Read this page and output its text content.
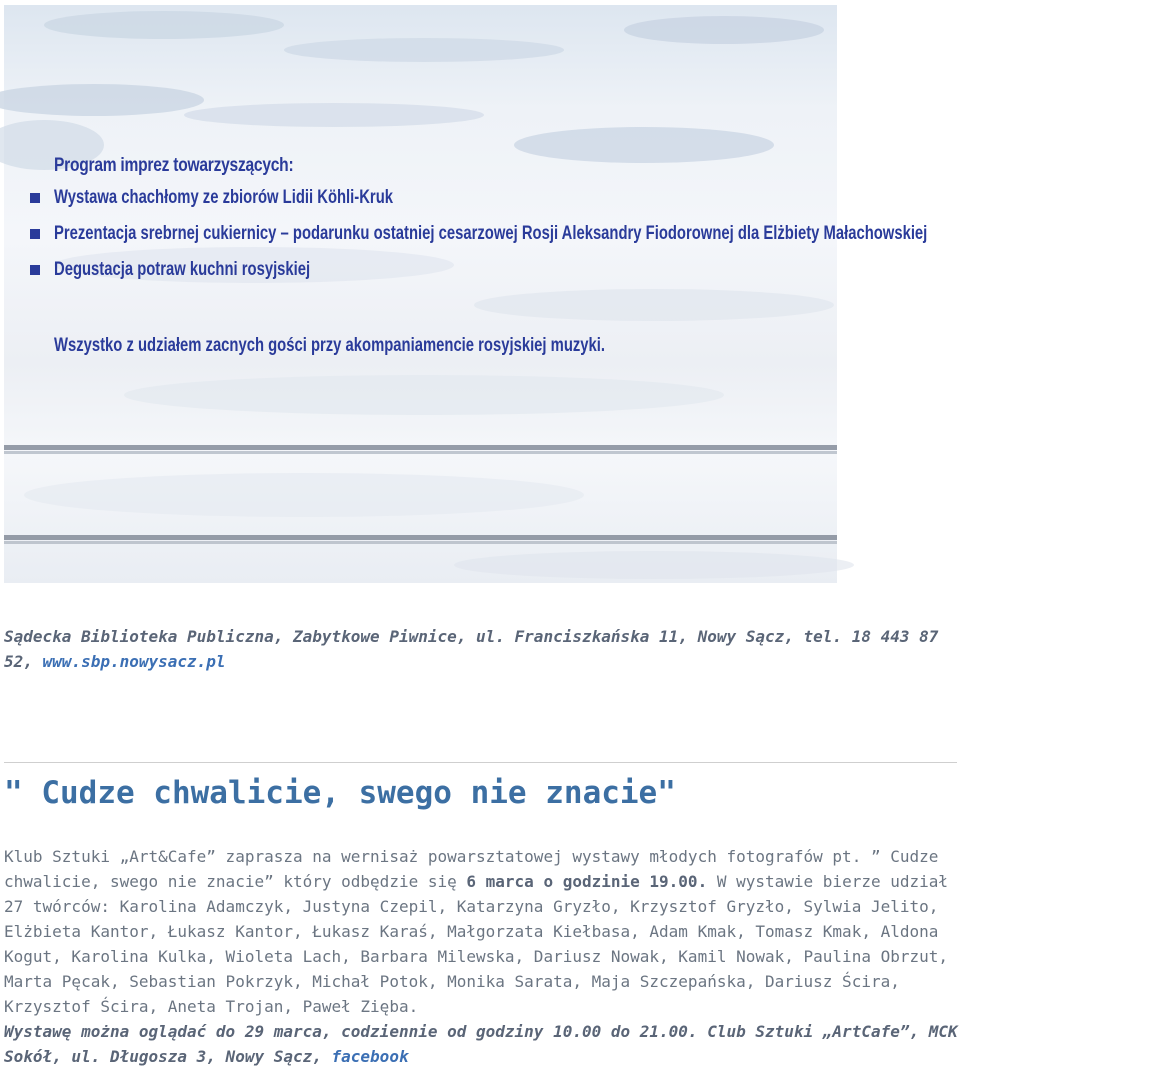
Program imprez towarzyszących:
Wystawa chachłomy ze zbiorów Lidii Köhli-Kruk
Prezentacja srebrnej cukiernicy – podarunku ostatniej cesarzowej Rosji Aleksandry Fiodorownej dla Elżbiety Małachowskiej
Degustacja potraw kuchni rosyjskiej
Wszystko z udziałem zacnych gości przy akompaniamencie rosyjskiej muzyki.
Sądecka Biblioteka Publiczna, Zabytkowe Piwnice, ul. Franciszkańska 11, Nowy Sącz, tel. 18 443 87 52, www.sbp.nowysacz.pl
" Cudze chwalicie, swego nie znacie"
Klub Sztuki „Art&Cafe” zaprasza na wernisaż powarsztatowej wystawy młodych fotografów pt. ” Cudze chwalicie, swego nie znacie” który odbędzie się 6 marca o godzinie 19.00. W wystawie bierze udział 27 twórców: Karolina Adamczyk, Justyna Czepil, Katarzyna Gryzło, Krzysztof Gryzło, Sylwia Jelito, Elżbieta Kantor, Łukasz Kantor, Łukasz Karaś, Małgorzata Kiełbasa, Adam Kmak, Tomasz Kmak, Aldona Kogut, Karolina Kulka, Wioleta Lach, Barbara Milewska, Dariusz Nowak, Kamil Nowak, Paulina Obrzut, Marta Pęcak, Sebastian Pokrzyk, Michał Potok, Monika Sarata, Maja Szczepańska, Dariusz Ścira, Krzysztof Ścira, Aneta Trojan, Paweł Zięba.
Wystawę można oglądać do 29 marca, codziennie od godziny 10.00 do 21.00. Club Sztuki „ArtCafe”, MCK Sokół, ul. Długosza 3, Nowy Sącz, facebook
